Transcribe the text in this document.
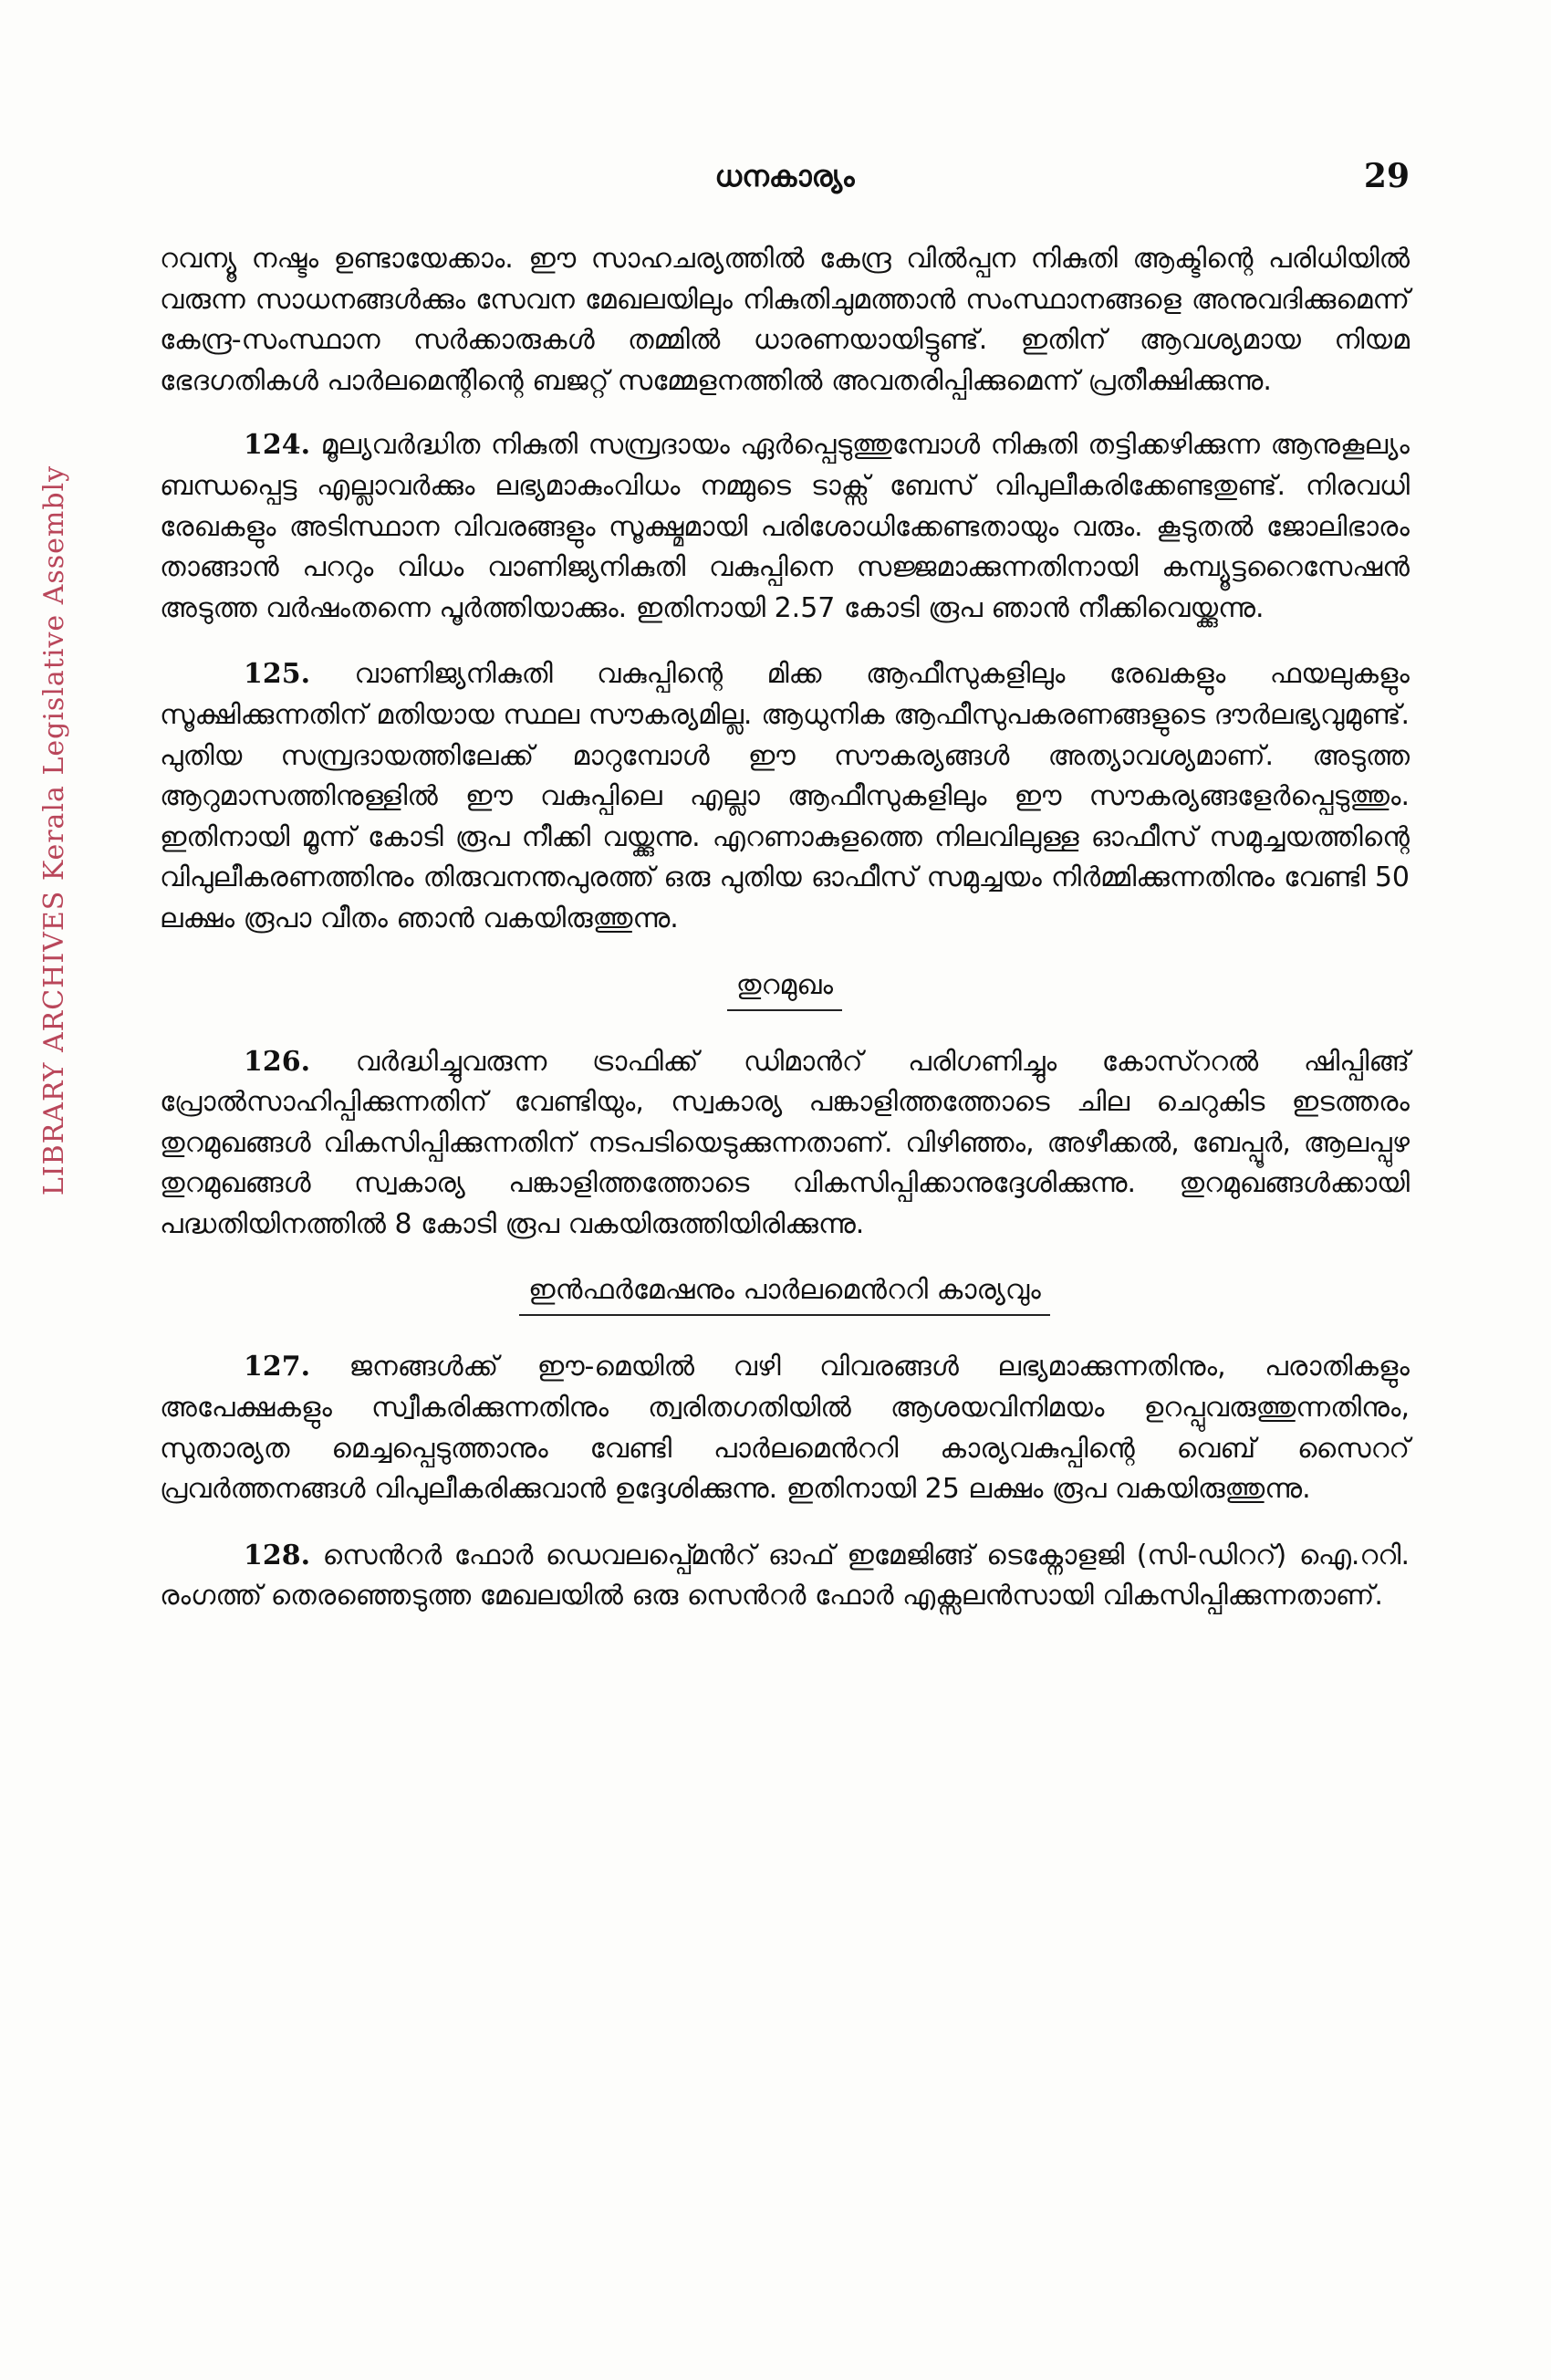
LIBRARY ARCHIVES Kerala Legislative Assembly
ധനകാര്യം	29

റവന്യൂ നഷ്ടം ഉണ്ടായേക്കാം. ഈ സാഹചര്യത്തിൽ കേന്ദ്ര വിൽപ്പന നികുതി ആക്ടിന്റെ പരിധിയിൽ വരുന്ന സാധനങ്ങൾക്കും സേവന മേഖലയിലും നികുതിചുമത്താൻ സംസ്ഥാനങ്ങളെ അനുവദിക്കുമെന്ന് കേന്ദ്ര-സംസ്ഥാന സർക്കാരുകൾ തമ്മിൽ ധാരണയായിട്ടുണ്ട്. ഇതിന് ആവശ്യമായ നിയമ ഭേദഗതികൾ പാർലമെന്റിന്റെ ബജറ്റ് സമ്മേളനത്തിൽ അവതരിപ്പിക്കുമെന്ന് പ്രതീക്ഷിക്കുന്നു.

124. മൂല്യവർദ്ധിത നികുതി സമ്പ്രദായം ഏർപ്പെടുത്തുമ്പോൾ നികുതി തട്ടിക്കഴിക്കുന്ന ആനുകൂല്യം ബന്ധപ്പെട്ട എല്ലാവർക്കും ലഭ്യമാകുംവിധം നമ്മുടെ ടാക്സ് ബേസ് വിപുലീകരിക്കേണ്ടതുണ്ട്. നിരവധി രേഖകളും അടിസ്ഥാന വിവരങ്ങളും സൂക്ഷ്മമായി പരിശോധിക്കേണ്ടതായും വരും. കൂടുതൽ ജോലിഭാരം താങ്ങാൻ പററും വിധം വാണിജ്യനികുതി വകുപ്പിനെ സജ്ജമാക്കുന്നതിനായി കമ്പ്യൂട്ടറൈസേഷൻ അടുത്ത വർഷംതന്നെ പൂർത്തിയാക്കും. ഇതിനായി 2.57 കോടി രൂപ ഞാൻ നീക്കിവെയ്ക്കുന്നു.

125. വാണിജ്യനികുതി വകുപ്പിന്റെ മിക്ക ആഫീസുകളിലും രേഖകളും ഫയലുകളും സൂക്ഷിക്കുന്നതിന് മതിയായ സ്ഥല സൗകര്യമില്ല. ആധുനിക ആഫീസുപകരണങ്ങളുടെ ദൗർലഭ്യവുമുണ്ട്. പുതിയ സമ്പ്രദായത്തിലേക്ക് മാറുമ്പോൾ ഈ സൗകര്യങ്ങൾ അത്യാവശ്യമാണ്. അടുത്ത ആറുമാസത്തിനുള്ളിൽ ഈ വകുപ്പിലെ എല്ലാ ആഫീസുകളിലും ഈ സൗകര്യങ്ങളേർപ്പെടുത്തും. ഇതിനായി മൂന്ന് കോടി രൂപ നീക്കി വയ്ക്കുന്നു. എറണാകുളത്തെ നിലവിലുള്ള ഓഫീസ് സമുച്ചയത്തിന്റെ വിപുലീകരണത്തിനും തിരുവനന്തപുരത്ത് ഒരു പുതിയ ഓഫീസ് സമുച്ചയം നിർമ്മിക്കുന്നതിനും വേണ്ടി 50 ലക്ഷം രൂപാ വീതം ഞാൻ വകയിരുത്തുന്നു.

തുറമുഖം

126. വർദ്ധിച്ചുവരുന്ന ട്രാഫിക്ക് ഡിമാൻറ് പരിഗണിച്ചും കോസ്ററൽ ഷിപ്പിങ്ങ് പ്രോൽസാഹിപ്പിക്കുന്നതിന് വേണ്ടിയും, സ്വകാര്യ പങ്കാളിത്തത്തോടെ ചില ചെറുകിട ഇടത്തരം തുറമുഖങ്ങൾ വികസിപ്പിക്കുന്നതിന് നടപടിയെടുക്കുന്നതാണ്. വിഴിഞ്ഞം, അഴീക്കൽ, ബേപ്പൂർ, ആലപ്പുഴ തുറമുഖങ്ങൾ സ്വകാര്യ പങ്കാളിത്തത്തോടെ വികസിപ്പിക്കാനുദ്ദേശിക്കുന്നു. തുറമുഖങ്ങൾക്കായി പദ്ധതിയിനത്തിൽ 8 കോടി രൂപ വകയിരുത്തിയിരിക്കുന്നു.

ഇൻഫർമേഷനും പാർലമെൻററി കാര്യവും

127. ജനങ്ങൾക്ക് ഈ-മെയിൽ വഴി വിവരങ്ങൾ ലഭ്യമാക്കുന്നതിനും, പരാതികളും അപേക്ഷകളും സ്വീകരിക്കുന്നതിനും ത്വരിതഗതിയിൽ ആശയവിനിമയം ഉറപ്പുവരുത്തുന്നതിനും, സുതാര്യത മെച്ചപ്പെടുത്താനും വേണ്ടി പാർലമെൻററി കാര്യവകുപ്പിന്റെ വെബ് സൈററ് പ്രവർത്തനങ്ങൾ വിപുലീകരിക്കുവാൻ ഉദ്ദേശിക്കുന്നു. ഇതിനായി 25 ലക്ഷം രൂപ വകയിരുത്തുന്നു.

128. സെൻറർ ഫോർ ഡെവലപ്പ്മെൻറ് ഓഫ് ഇമേജിങ്ങ് ടെക്നോളജി (സി-ഡിററ്) ഐ.ററി. രംഗത്ത് തെരഞ്ഞെടുത്ത മേഖലയിൽ ഒരു സെൻറർ ഫോർ എക്സലൻസായി വികസിപ്പിക്കുന്നതാണ്.
